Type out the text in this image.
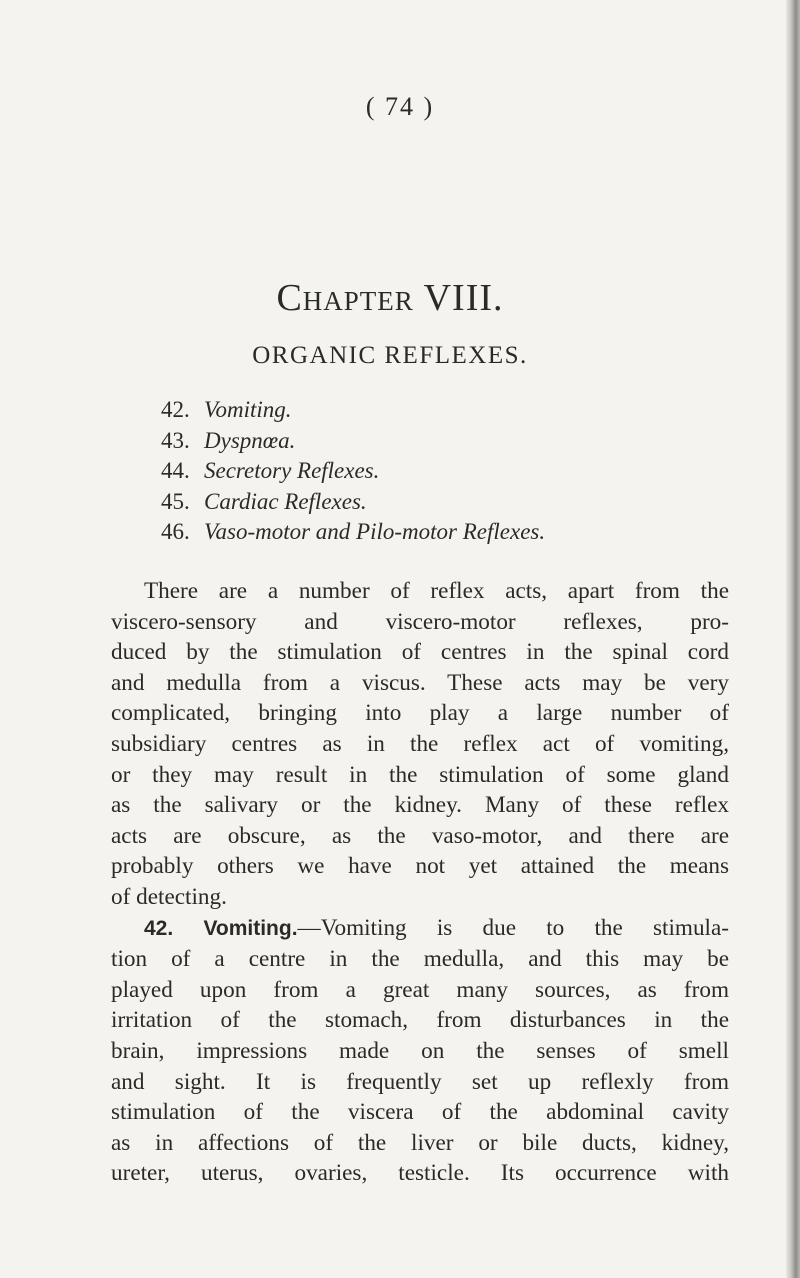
( 74 )
Chapter VIII.
ORGANIC REFLEXES.
42. Vomiting.
43. Dyspnœa.
44. Secretory Reflexes.
45. Cardiac Reflexes.
46. Vaso-motor and Pilo-motor Reflexes.
There are a number of reflex acts, apart from the
viscero-sensory and viscero-motor reflexes, pro-
duced by the stimulation of centres in the spinal cord
and medulla from a viscus. These acts may be very
complicated, bringing into play a large number of
subsidiary centres as in the reflex act of vomiting,
or they may result in the stimulation of some gland
as the salivary or the kidney. Many of these reflex
acts are obscure, as the vaso-motor, and there are
probably others we have not yet attained the means
of detecting.
42. Vomiting.—Vomiting is due to the stimula-
tion of a centre in the medulla, and this may be
played upon from a great many sources, as from
irritation of the stomach, from disturbances in the
brain, impressions made on the senses of smell
and sight. It is frequently set up reflexly from
stimulation of the viscera of the abdominal cavity
as in affections of the liver or bile ducts, kidney,
ureter, uterus, ovaries, testicle. Its occurrence with
